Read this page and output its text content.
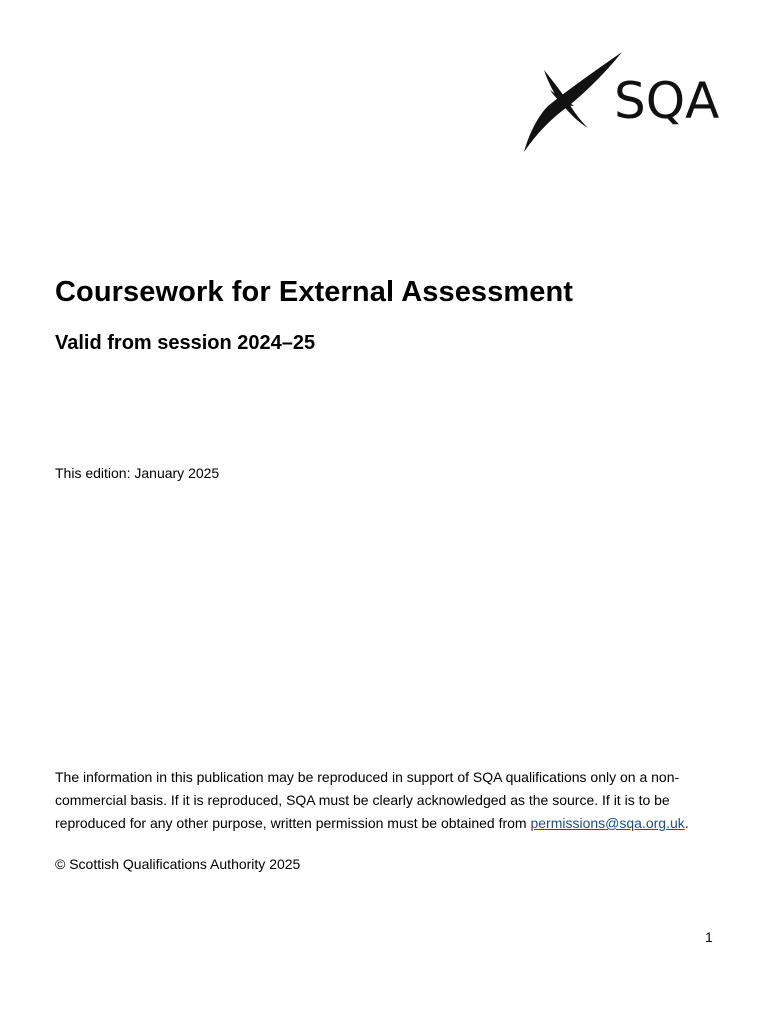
SQA
Coursework for External Assessment
Valid from session 2024–25

This edition: January 2025

The information in this publication may be reproduced in support of SQA qualifications only on a non-commercial basis. If it is reproduced, SQA must be clearly acknowledged as the source. If it is to be reproduced for any other purpose, written permission must be obtained from permissions@sqa.org.uk.

© Scottish Qualifications Authority 2025

1
